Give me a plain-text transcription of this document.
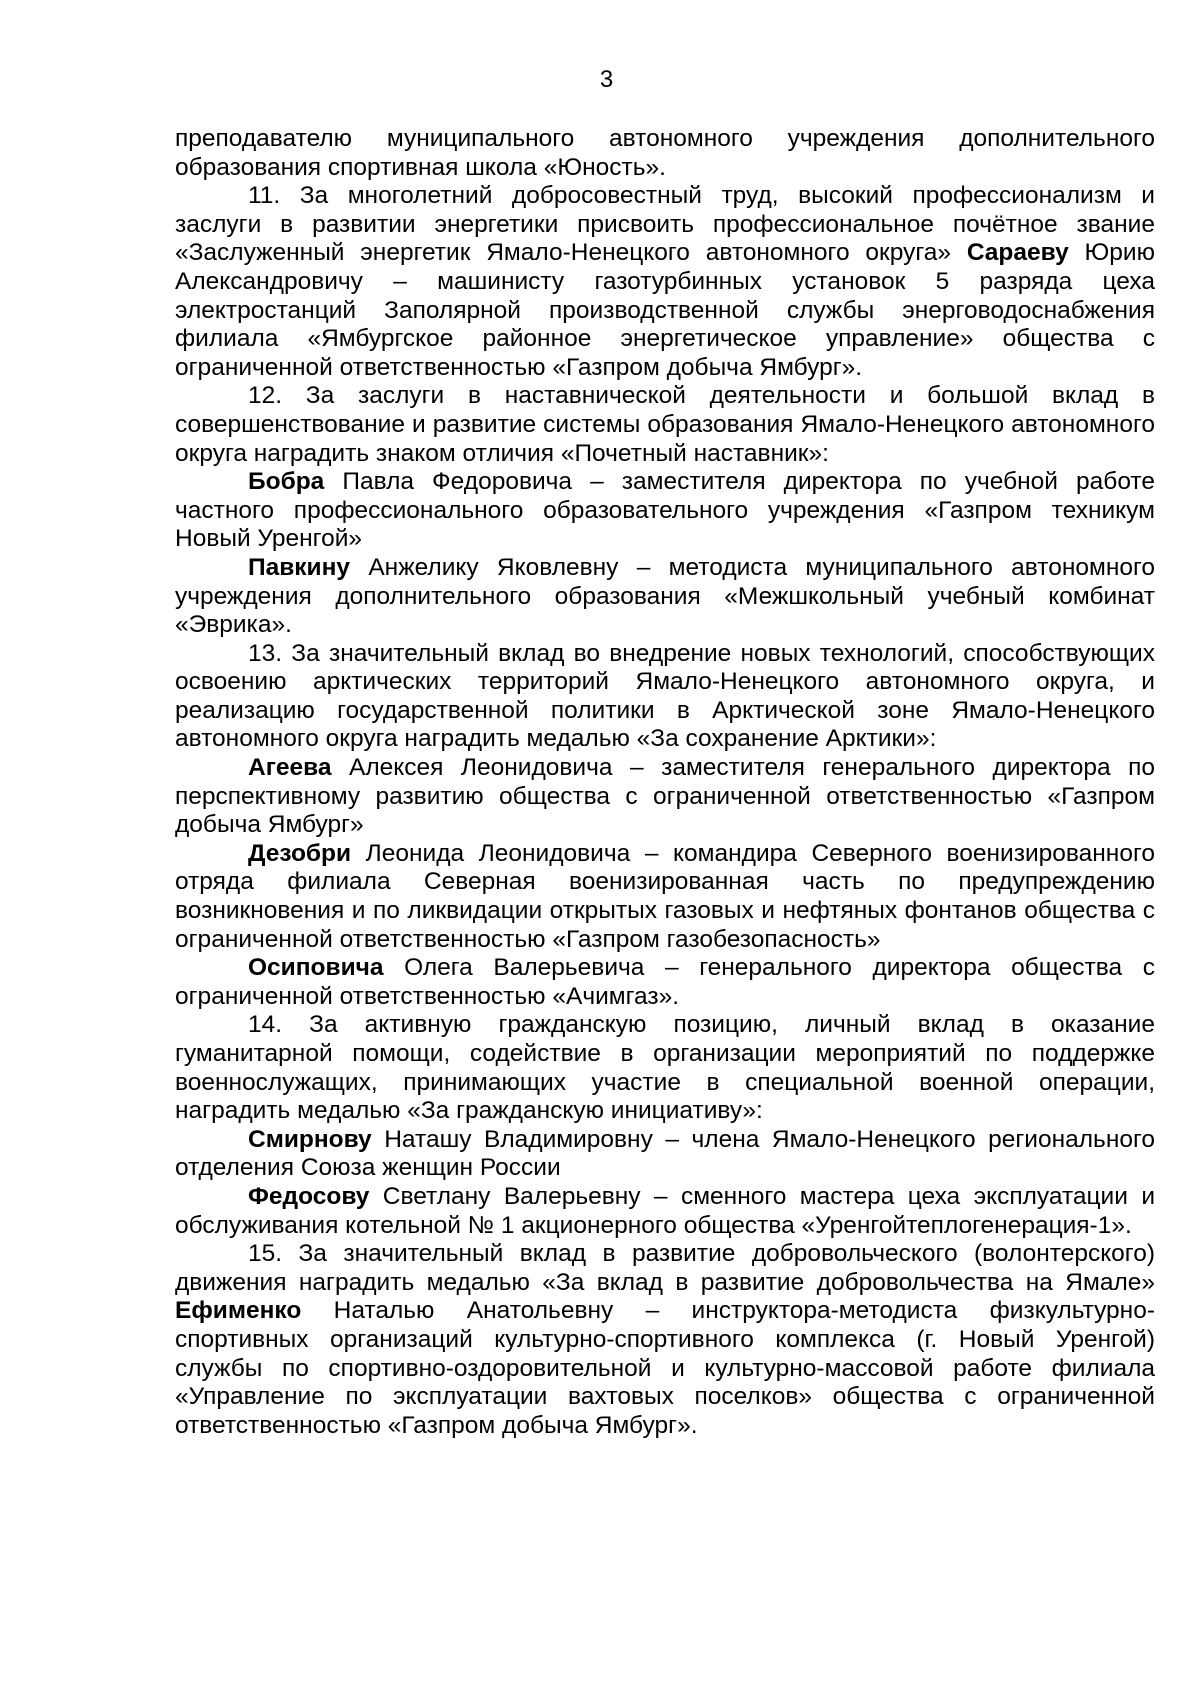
3

преподавателю муниципального автономного учреждения дополнительного образования спортивная школа «Юность».

11. За многолетний добросовестный труд, высокий профессионализм и заслуги в развитии энергетики присвоить профессиональное почётное звание «Заслуженный энергетик Ямало-Ненецкого автономного округа» Сараеву Юрию Александровичу – машинисту газотурбинных установок 5 разряда цеха электростанций Заполярной производственной службы энерговодоснабжения филиала «Ямбургское районное энергетическое управление» общества с ограниченной ответственностью «Газпром добыча Ямбург».

12. За заслуги в наставнической деятельности и большой вклад в совершенствование и развитие системы образования Ямало-Ненецкого автономного округа наградить знаком отличия «Почетный наставник»:

Бобра Павла Федоровича – заместителя директора по учебной работе частного профессионального образовательного учреждения «Газпром техникум Новый Уренгой»

Павкину Анжелику Яковлевну – методиста муниципального автономного учреждения дополнительного образования «Межшкольный учебный комбинат «Эврика».

13. За значительный вклад во внедрение новых технологий, способствующих освоению арктических территорий Ямало-Ненецкого автономного округа, и реализацию государственной политики в Арктической зоне Ямало-Ненецкого автономного округа наградить медалью «За сохранение Арктики»:

Агеева Алексея Леонидовича – заместителя генерального директора по перспективному развитию общества с ограниченной ответственностью «Газпром добыча Ямбург»

Дезобри Леонида Леонидовича – командира Северного военизированного отряда филиала Северная военизированная часть по предупреждению возникновения и по ликвидации открытых газовых и нефтяных фонтанов общества с ограниченной ответственностью «Газпром газобезопасность»

Осиповича Олега Валерьевича – генерального директора общества с ограниченной ответственностью «Ачимгаз».

14. За активную гражданскую позицию, личный вклад в оказание гуманитарной помощи, содействие в организации мероприятий по поддержке военнослужащих, принимающих участие в специальной военной операции, наградить медалью «За гражданскую инициативу»:

Смирнову Наташу Владимировну – члена Ямало-Ненецкого регионального отделения Союза женщин России

Федосову Светлану Валерьевну – сменного мастера цеха эксплуатации и обслуживания котельной № 1 акционерного общества «Уренгойтеплогенерация-1».

15. За значительный вклад в развитие добровольческого (волонтерского) движения наградить медалью «За вклад в развитие добровольчества на Ямале» Ефименко Наталью Анатольевну – инструктора-методиста физкультурно-спортивных организаций культурно-спортивного комплекса (г. Новый Уренгой) службы по спортивно-оздоровительной и культурно-массовой работе филиала «Управление по эксплуатации вахтовых поселков» общества с ограниченной ответственностью «Газпром добыча Ямбург».
